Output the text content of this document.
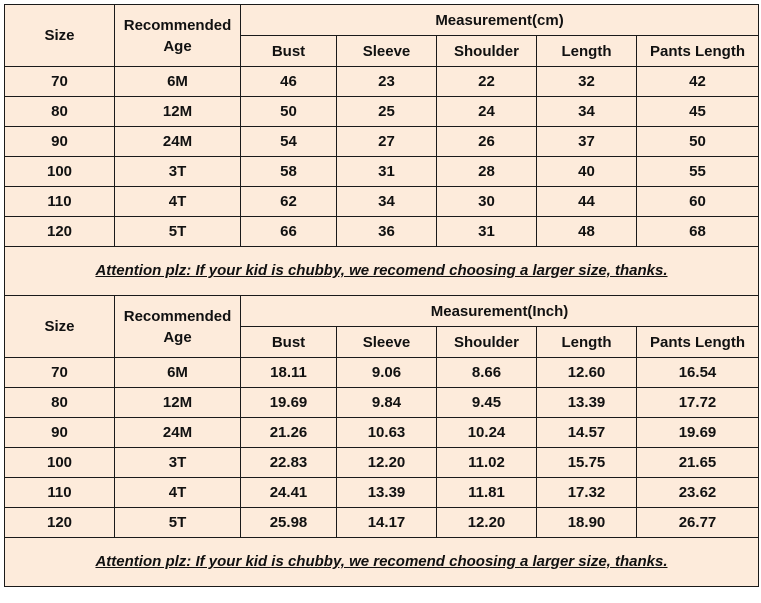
Size	Recommended Age	Measurement(cm)				
		Bust	Sleeve	Shoulder	Length	Pants Length
70	6M	46	23	22	32	42
80	12M	50	25	24	34	45
90	24M	54	27	26	37	50
100	3T	58	31	28	40	55
110	4T	62	34	30	44	60
120	5T	66	36	31	48	68
Attention plz: If your kid is chubby, we recomend choosing a larger size, thanks.						
Size	Recommended Age	Measurement(Inch)				
		Bust	Sleeve	Shoulder	Length	Pants Length
70	6M	18.11	9.06	8.66	12.60	16.54
80	12M	19.69	9.84	9.45	13.39	17.72
90	24M	21.26	10.63	10.24	14.57	19.69
100	3T	22.83	12.20	11.02	15.75	21.65
110	4T	24.41	13.39	11.81	17.32	23.62
120	5T	25.98	14.17	12.20	18.90	26.77
Attention plz: If your kid is chubby, we recomend choosing a larger size, thanks.						
